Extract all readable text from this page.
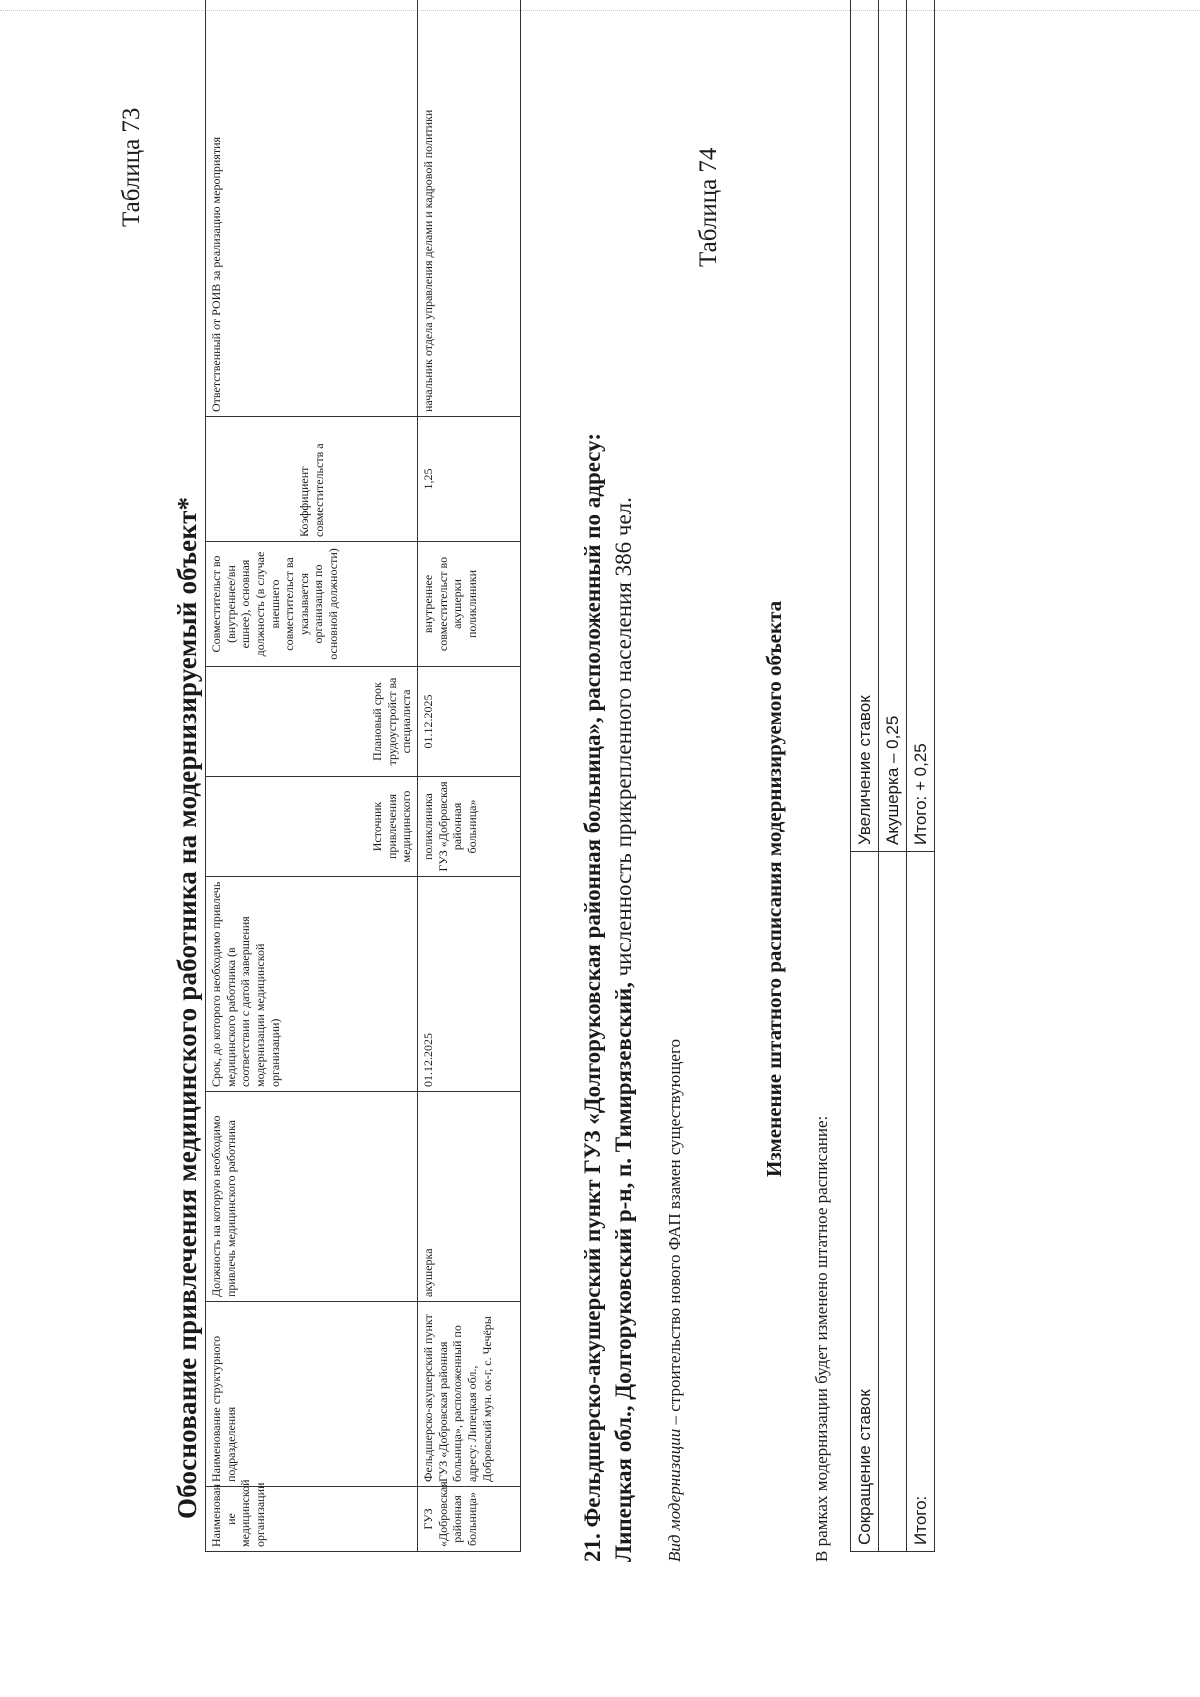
Таблица 73
Обоснование привлечения медицинского работника на модернизируемый объект* Наименован ие медицинской организации	Наименование структурного подразделения	Должность на которую необходимо привлечь медицинского работника	Срок, до которого необходимо привлечь медицинского работника (в соответствии с датой завершения модернизации медицинской организации)	Источник привлечения медицинского	Плановый срок трудоустройст ва специалиста	Совместительст во (внутреннее/вн ешнее), основная должность (в случае внешнего совместительст ва указывается организация по основной должности)	Коэффициент совместительств а	Ответственный от РОИВ за реализацию мероприятия
ГУЗ «Добровская районная больница»	Фельдшерско-акушерский пункт ГУЗ «Добровская районная больница», расположенный по адресу: Липецкая обл., Добровский мун. ок-г, с. Чечёры	акушерка	01.12.2025	поликлиника ГУЗ «Добровская районная больница»	01.12.2025	внутреннее совместительст во акушерки поликлиники	1,25	начальник отдела управления делами и кадровой политики
21. Фельдшерско-акушерский пункт ГУЗ «Долгоруковская районная больница», расположенный по адресу: Липецкая обл., Долгоруковский р-н, п. Тимирязевский, численность прикрепленного населения 386 чел.
Вид модернизации – строительство нового ФАП взамен существующего
Таблица 74
Изменение штатного расписания модернизируемого объекта
В рамках модернизации будет изменено штатное расписание: Сокращение ставок	Увеличение ставок
	Акушерка – 0,25
Итого:	Итого: + 0,25
